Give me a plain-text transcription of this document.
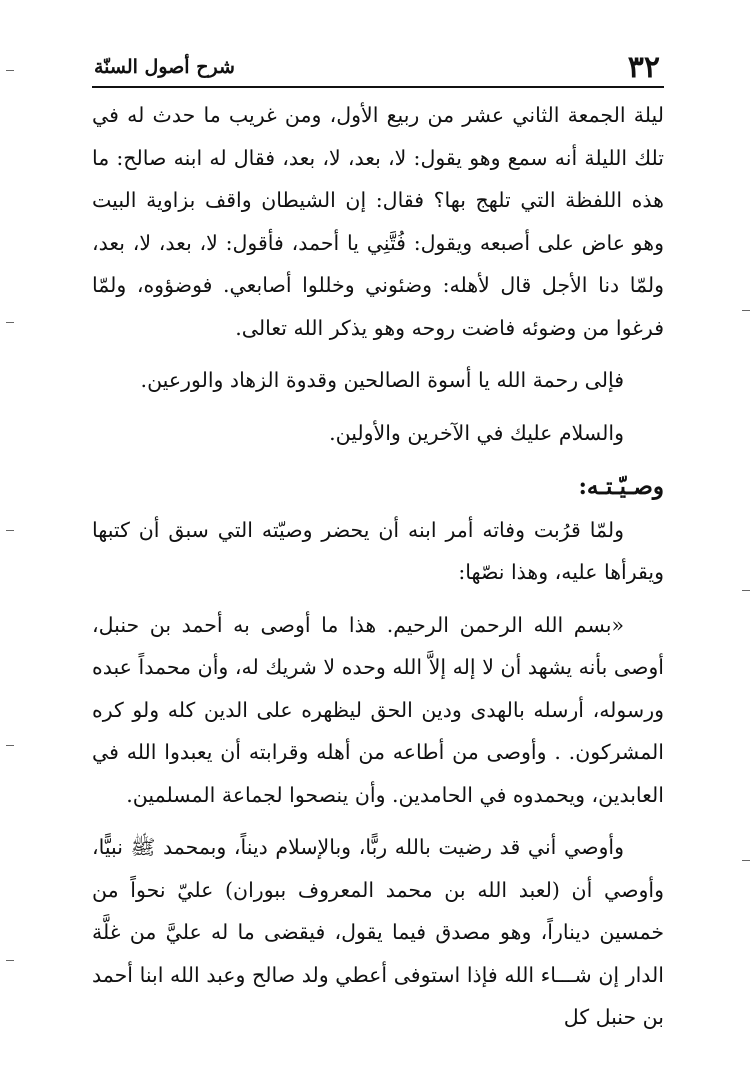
٣٢
شرح أصول السنّة

ليلة الجمعة الثاني عشر من ربيع الأول، ومن غريب ما حدث له في تلك الليلة أنه سمع وهو يقول: لا، بعد، لا، بعد، فقال له ابنه صالح: ما هذه اللفظة التي تلهج بها؟ فقال: إن الشيطان واقف بزاوية البيت وهو عاض على أصبعه ويقول: فُتَّنِي يا أحمد، فأقول: لا، بعد، لا، بعد، ولمّا دنا الأجل قال لأهله: وضئوني وخللوا أصابعي. فوضؤوه، ولمّا فرغوا من وضوئه فاضت روحه وهو يذكر الله تعالى.

فإلى رحمة الله يا أسوة الصالحين وقدوة الزهاد والورعين.

والسلام عليك في الآخرين والأولين.

وصـيّـتـه:

ولمّا قرُبت وفاته أمر ابنه أن يحضر وصيّته التي سبق أن كتبها ويقرأها عليه، وهذا نصّها:

«بسم الله الرحمن الرحيم. هذا ما أوصى به أحمد بن حنبل، أوصى بأنه يشهد أن لا إله إلاَّ الله وحده لا شريك له، وأن محمداً عبده ورسوله، أرسله بالهدى ودين الحق ليظهره على الدين كله ولو كره المشركون. . وأوصى من أطاعه من أهله وقرابته أن يعبدوا الله في العابدين، ويحمدوه في الحامدين. وأن ينصحوا لجماعة المسلمين.

وأوصي أني قد رضيت بالله ربًّا، وبالإسلام ديناً، وبمحمد ﷺ نبيًّا، وأوصي أن (لعبد الله بن محمد المعروف ببوران) عليّ نحواً من خمسين ديناراً، وهو مصدق فيما يقول، فيقضى ما له عليَّ من غلَّة الدار إن شـــاء الله فإذا استوفى أعطي ولد صالح وعبد الله ابنا أحمد بن حنبل كل
